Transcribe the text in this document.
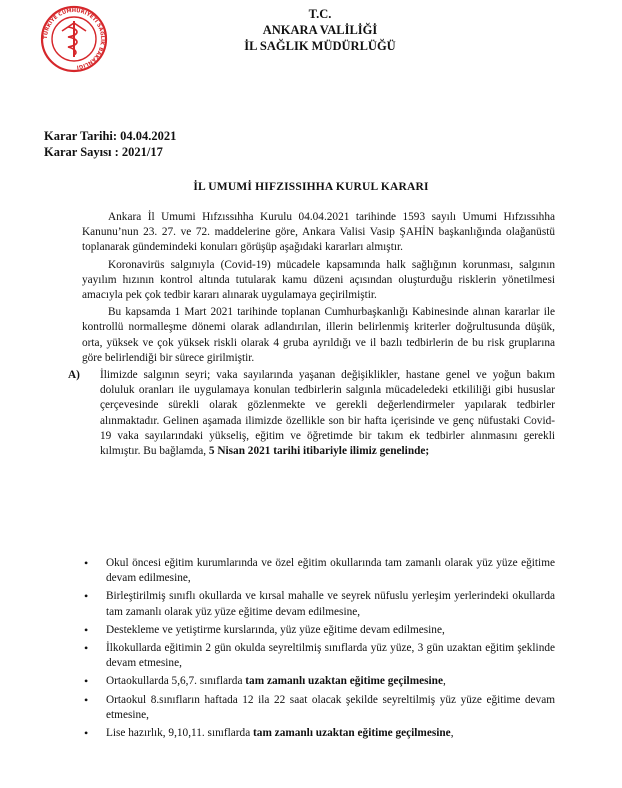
TÜRKİYE CUMHURİYETİ SAĞLIK BAKANLIĞI
T.C.
ANKARA VALİLİĞİ
İL SAĞLIK MÜDÜRLÜĞÜ
Karar Tarihi: 04.04.2021
Karar Sayısı : 2021/17
İL UMUMİ HIFZISSIHHA KURUL KARARI

Ankara İl Umumi Hıfzıssıhha Kurulu 04.04.2021 tarihinde 1593 sayılı Umumi Hıfzıssıhha Kanunu’nun 23. 27. ve 72. maddelerine göre, Ankara Valisi Vasip ŞAHİN başkanlığında olağanüstü toplanarak gündemindeki konuları görüşüp aşağıdaki kararları almıştır.

Koronavirüs salgınıyla (Covid-19) mücadele kapsamında halk sağlığının korunması, salgının yayılım hızının kontrol altında tutularak kamu düzeni açısından oluşturduğu risklerin yönetilmesi amacıyla pek çok tedbir kararı alınarak uygulamaya geçirilmiştir.

Bu kapsamda 1 Mart 2021 tarihinde toplanan Cumhurbaşkanlığı Kabinesinde alınan kararlar ile kontrollü normalleşme dönemi olarak adlandırılan, illerin belirlenmiş kriterler doğrultusunda düşük, orta, yüksek ve çok yüksek riskli olarak 4 gruba ayrıldığı ve il bazlı tedbirlerin de bu risk gruplarına göre belirlendiği bir sürece girilmiştir.

A) İlimizde salgının seyri; vaka sayılarında yaşanan değişiklikler, hastane genel ve yoğun bakım doluluk oranları ile uygulamaya konulan tedbirlerin salgınla mücadeledeki etkililiği gibi hususlar çerçevesinde sürekli olarak gözlenmekte ve gerekli değerlendirmeler yapılarak tedbirler alınmaktadır. Gelinen aşamada ilimizde özellikle son bir hafta içerisinde ve genç nüfustaki Covid-19 vaka sayılarındaki yükseliş, eğitim ve öğretimde bir takım ek tedbirler alınmasını gerekli kılmıştır. Bu bağlamda, 5 Nisan 2021 tarihi itibariyle ilimiz genelinde;
• Okul öncesi eğitim kurumlarında ve özel eğitim okullarında tam zamanlı olarak yüz yüze eğitime devam edilmesine,
• Birleştirilmiş sınıflı okullarda ve kırsal mahalle ve seyrek nüfuslu yerleşim yerlerindeki okullarda tam zamanlı olarak yüz yüze eğitime devam edilmesine,
• Destekleme ve yetiştirme kurslarında, yüz yüze eğitime devam edilmesine,
• İlkokullarda eğitimin 2 gün okulda seyreltilmiş sınıflarda yüz yüze, 3 gün uzaktan eğitim şeklinde devam etmesine,
• Ortaokullarda 5,6,7. sınıflarda tam zamanlı uzaktan eğitime geçilmesine,
• Ortaokul 8.sınıfların haftada 12 ila 22 saat olacak şekilde seyreltilmiş yüz yüze eğitime devam etmesine,
• Lise hazırlık, 9,10,11. sınıflarda tam zamanlı uzaktan eğitime geçilmesine,
